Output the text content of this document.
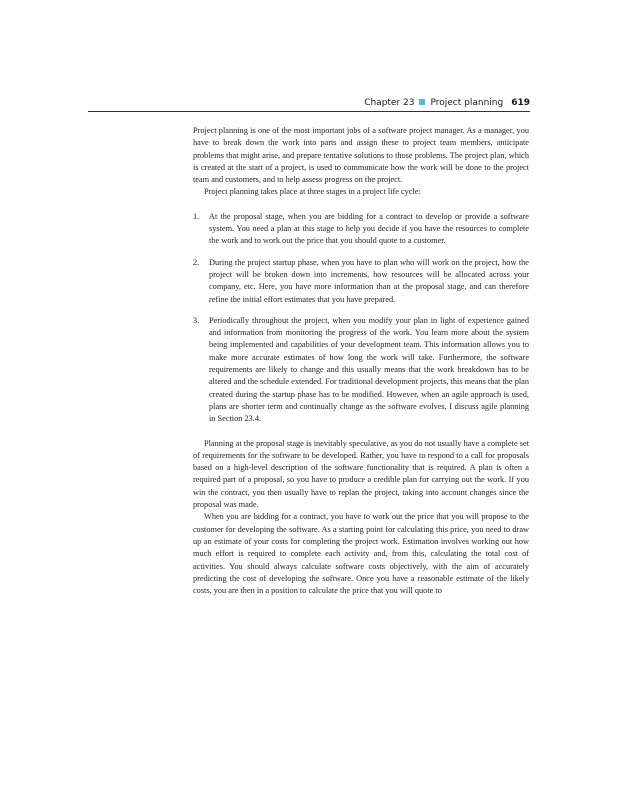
Chapter 23 Project planning 619

Project planning is one of the most important jobs of a software project manager. As a manager, you have to break down the work into parts and assign these to project team members, anticipate problems that might arise, and prepare tentative solutions to those problems. The project plan, which is created at the start of a project, is used to communicate how the work will be done to the project team and customers, and to help assess progress on the project.

Project planning takes place at three stages in a project life cycle:

1. At the proposal stage, when you are bidding for a contract to develop or provide a software system. You need a plan at this stage to help you decide if you have the resources to complete the work and to work out the price that you should quote to a customer.
2. During the project startup phase, when you have to plan who will work on the project, how the project will be broken down into increments, how resources will be allocated across your company, etc. Here, you have more information than at the proposal stage, and can therefore refine the initial effort estimates that you have prepared.
3. Periodically throughout the project, when you modify your plan in light of experience gained and information from monitoring the progress of the work. You learn more about the system being implemented and capabilities of your development team. This information allows you to make more accurate estimates of how long the work will take. Furthermore, the software requirements are likely to change and this usually means that the work breakdown has to be altered and the schedule extended. For traditional development projects, this means that the plan created during the startup phase has to be modified. However, when an agile approach is used, plans are shorter term and continually change as the software evolves. I discuss agile planning in Section 23.4.

Planning at the proposal stage is inevitably speculative, as you do not usually have a complete set of requirements for the software to be developed. Rather, you have to respond to a call for proposals based on a high-level description of the software functionality that is required. A plan is often a required part of a proposal, so you have to produce a credible plan for carrying out the work. If you win the contract, you then usually have to replan the project, taking into account changes since the proposal was made.

When you are bidding for a contract, you have to work out the price that you will propose to the customer for developing the software. As a starting point for calculating this price, you need to draw up an estimate of your costs for completing the project work. Estimation involves working out how much effort is required to complete each activity and, from this, calculating the total cost of activities. You should always calculate software costs objectively, with the aim of accurately predicting the cost of developing the software. Once you have a reasonable estimate of the likely costs, you are then in a position to calculate the price that you will quote to
